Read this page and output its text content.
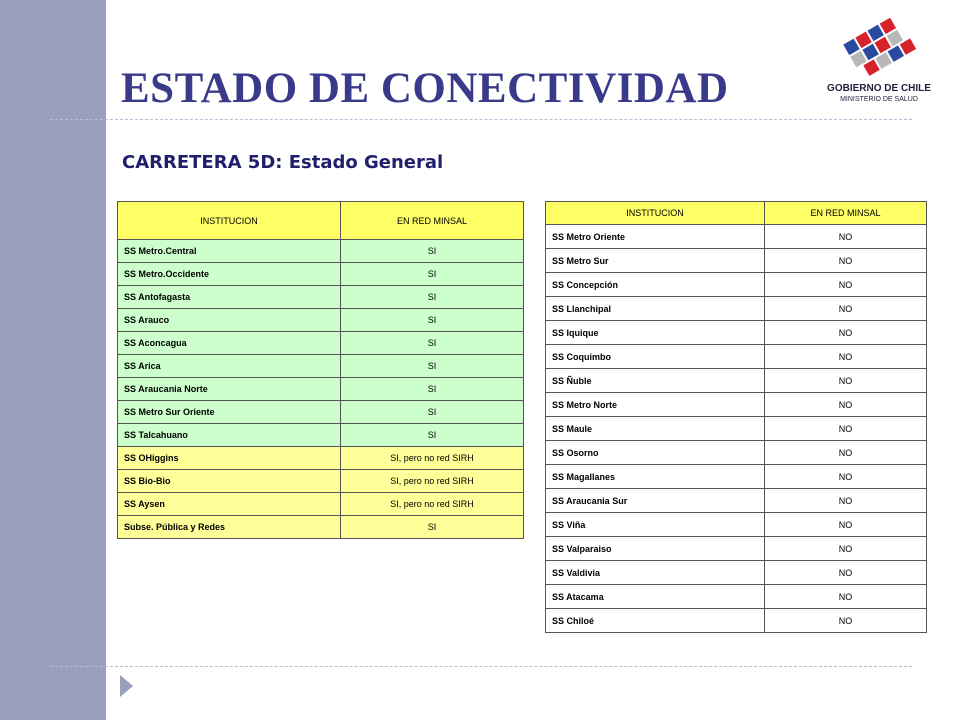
ESTADO DE CONECTIVIDAD
CARRETERA 5D: Estado General
GOBIERNO DE CHILE
MINISTERIO DE SALUD
INSTITUCION	EN RED MINSAL
SS Metro.Central	SI
SS Metro.Occidente	SI
SS Antofagasta	SI
SS Arauco	SI
SS Aconcagua	SI
SS Arica	SI
SS Araucania Norte	SI
SS Metro Sur Oriente	SI
SS Talcahuano	SI
SS OHiggins	SI, pero no red SIRH
SS Bio-Bio	SI, pero no red SIRH
SS Aysen	SI, pero no red SIRH
Subse. Pública y Redes	SI
INSTITUCION	EN RED MINSAL
SS Metro Oriente	NO
SS Metro Sur	NO
SS Concepción	NO
SS Llanchipal	NO
SS Iquique	NO
SS Coquimbo	NO
SS Ñuble	NO
SS Metro Norte	NO
SS Maule	NO
SS Osorno	NO
SS Magallanes	NO
SS Araucania Sur	NO
SS Viña	NO
SS Valparaiso	NO
SS Valdivia	NO
SS Atacama	NO
SS Chiloé	NO
